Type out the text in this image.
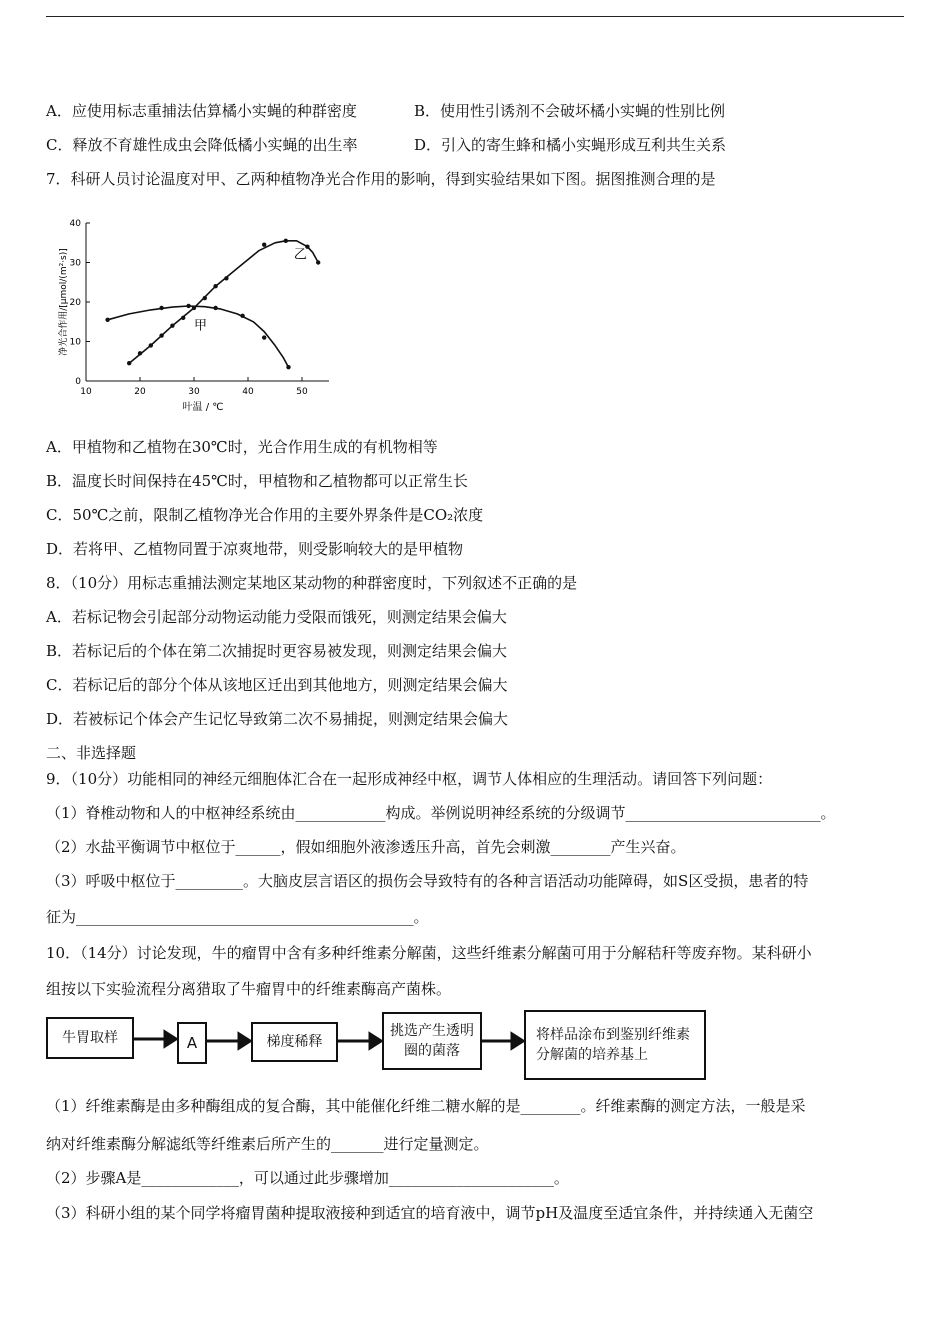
A．应使用标志重捕法估算橘小实蝇的种群密度	B．使用性引诱剂不会破坏橘小实蝇的性别比例
C．释放不育雄性成虫会降低橘小实蝇的出生率	D．引入的寄生蜂和橘小实蝇形成互利共生关系
7．科研人员讨论温度对甲、乙两种植物净光合作用的影响，得到实验结果如下图。据图推测合理的是
净光合作用/[μmol/(m²·s)]
叶温 / ℃
10	20	30	40	50
0
10
20
30
40
甲
乙
A．甲植物和乙植物在30℃时，光合作用生成的有机物相等
B．温度长时间保持在45℃时，甲植物和乙植物都可以正常生长
C．50℃之前，限制乙植物净光合作用的主要外界条件是CO₂浓度
D．若将甲、乙植物同置于凉爽地带，则受影响较大的是甲植物
8．（10分）用标志重捕法测定某地区某动物的种群密度时，下列叙述不正确的是
A．若标记物会引起部分动物运动能力受限而饿死，则测定结果会偏大
B．若标记后的个体在第二次捕捉时更容易被发现，则测定结果会偏大
C．若标记后的部分个体从该地区迁出到其他地方，则测定结果会偏大
D．若被标记个体会产生记忆导致第二次不易捕捉，则测定结果会偏大
二、非选择题
9．（10分）功能相同的神经元细胞体汇合在一起形成神经中枢，调节人体相应的生理活动。请回答下列问题：
（1）脊椎动物和人的中枢神经系统由____________构成。举例说明神经系统的分级调节__________________________。
（2）水盐平衡调节中枢位于______，假如细胞外液渗透压升高，首先会刺激________产生兴奋。
（3）呼吸中枢位于_________。大脑皮层言语区的损伤会导致特有的各种言语活动功能障碍，如S区受损，患者的特
征为_____________________________________________。
10．（14分）讨论发现，牛的瘤胃中含有多种纤维素分解菌，这些纤维素分解菌可用于分解秸秆等废弃物。某科研小
组按以下实验流程分离猎取了牛瘤胃中的纤维素酶高产菌株。
牛胃取样	A	梯度稀释
挑选产生透明圈的菌落
将样品涂布到鉴别纤维素分解菌的培养基上
（1）纤维素酶是由多种酶组成的复合酶，其中能催化纤维二糖水解的是________。纤维素酶的测定方法，一般是采
纳对纤维素酶分解滤纸等纤维素后所产生的_______进行定量测定。
（2）步骤A是_____________，可以通过此步骤增加______________________。
（3）科研小组的某个同学将瘤胃菌种提取液接种到适宜的培育液中，调节pH及温度至适宜条件，并持续通入无菌空
